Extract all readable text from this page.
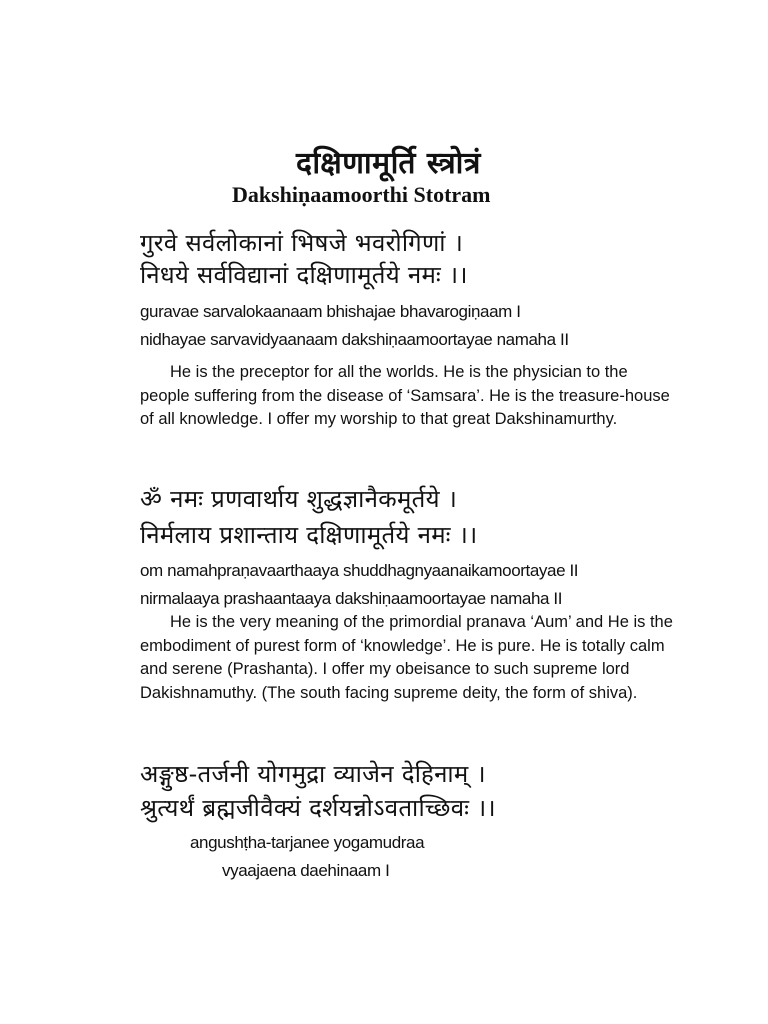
दक्षिणामूर्ति स्त्रोत्रं
Dakshiṇaamoorthi Stotram
गुरवे सर्वलोकानां भिषजे भवरोगिणां ।
निधये सर्वविद्यानां दक्षिणामूर्तये नमः ।।
guravae sarvalokaanaam bhishajae bhavarogiṇaam I
nidhayae sarvavidyaanaam dakshiṇaamoortayae namaha II
He is the preceptor for all the worlds. He is the physician to the people suffering from the disease of ‘Samsara’. He is the treasure-house of all knowledge. I offer my worship to that great Dakshinamurthy.
ॐ नमः प्रणवार्थाय शुद्धज्ञानैकमूर्तये ।
निर्मलाय प्रशान्ताय दक्षिणामूर्तये नमः ।।
om namahpraṇavaarthaaya shuddhagnyaanaikamoortayae II
nirmalaaya prashaantaaya dakshiṇaamoortayae namaha II
He is the very meaning of the primordial pranava ‘Aum’ and He is the embodiment of purest form of ‘knowledge’. He is pure. He is totally calm and serene (Prashanta). I offer my obeisance to such supreme lord Dakishnamuthy. (The south facing supreme deity, the form of shiva).
अङ्गुष्ठ-तर्जनी योगमुद्रा व्याजेन देहिनाम् ।
श्रुत्यर्थं ब्रह्मजीवैक्यं दर्शयन्नोऽवताच्छिवः ।।
angushṭha-tarjanee yogamudraa
vyaajaena daehinaam I
